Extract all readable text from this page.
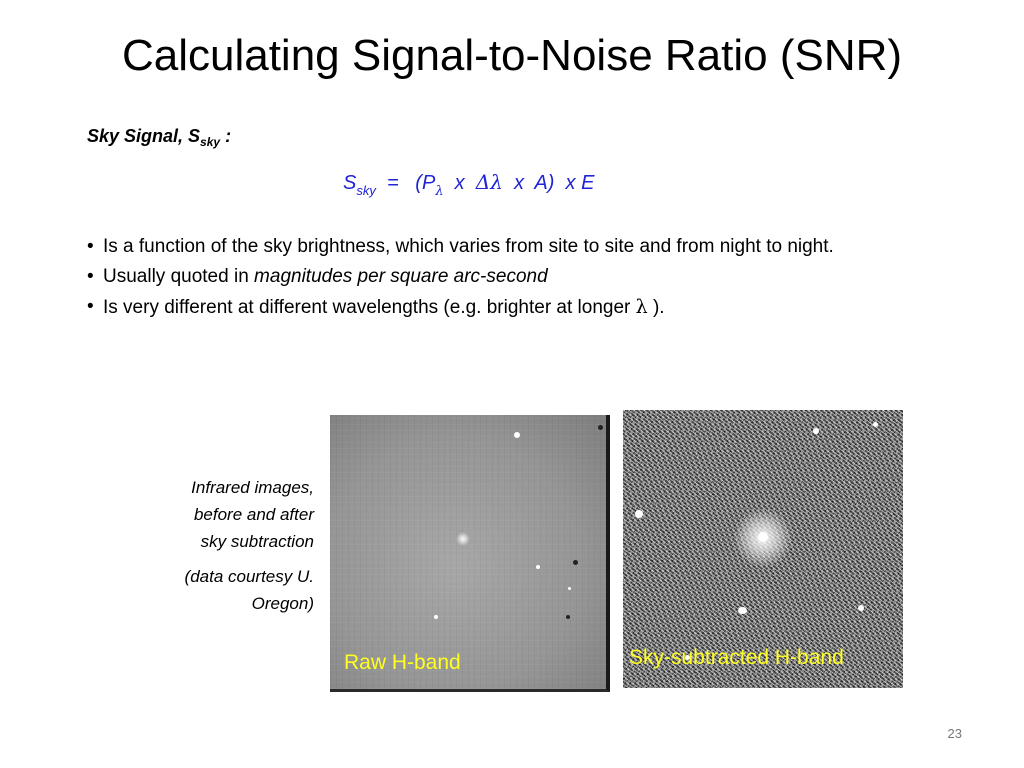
Calculating Signal-to-Noise Ratio (SNR)
Sky Signal, $S_{sky}$ :
$S_{sky} = (P_\lambda$  x  Δλ  x  A)  x E
• Is a function of the sky brightness, which varies from site to site and from night to night.
• Usually quoted in magnitudes per square arc-second
• Is very different at different wavelengths (e.g. brighter at longer λ ).
Infrared images,
before and after
sky subtraction
(data courtesy U. Oregon)
Raw H-band	Sky-subtracted H-band
23
